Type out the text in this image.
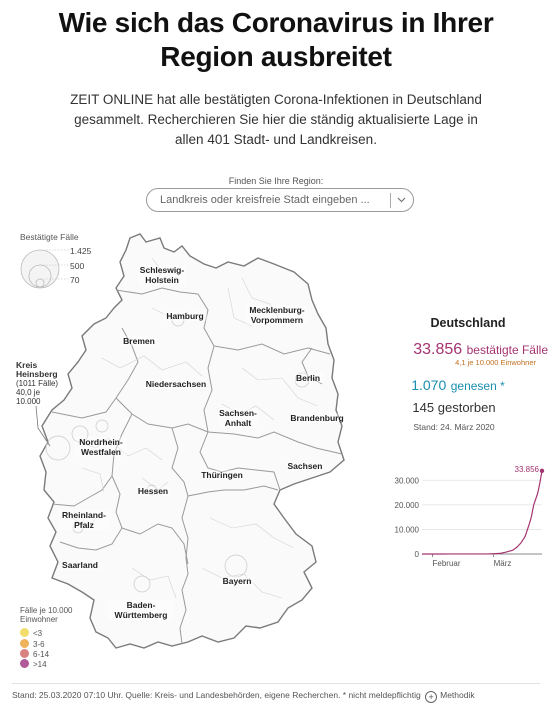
Wie sich das Coronavirus in Ihrer
Region ausbreitet
ZEIT ONLINE hat alle bestätigten Corona-Infektionen in Deutschland gesammelt. Recherchieren Sie hier die ständig aktualisierte Lage in allen 401 Stadt- und Landkreisen.
Finden Sie Ihre Region:
Landkreis oder kreisfreie Stadt eingeben ...
Bestätigte Fälle
1.425
500
70
Schleswig-
Holstein
Hamburg
Mecklenburg-
Vorpommern
Bremen
Niedersachsen
Berlin
Sachsen-
Anhalt	Brandenburg
Nordrhein-
Westfalen
Sachsen
Thüringen
Hessen
Rheinland-
Pfalz
Saarland
Bayern
Baden-
Württemberg
Kreis
Heinsberg
(1011 Fälle)
40,0 je
10.000
Fälle je 10.000
Einwohner
<3
3-6
6-14
>14
Deutschland
33.856 bestätigte Fälle
4,1 je 10.000 Einwohner
1.070 genesen *
145 gestorben
Stand: 24. März 2020
0
10.000
20.000
30.000
Februar	März
33.856
Stand: 25.03.2020 07:10 Uhr. Quelle: Kreis- und Landesbehörden, eigene Recherchen. * nicht meldepflichtig + Methodik
